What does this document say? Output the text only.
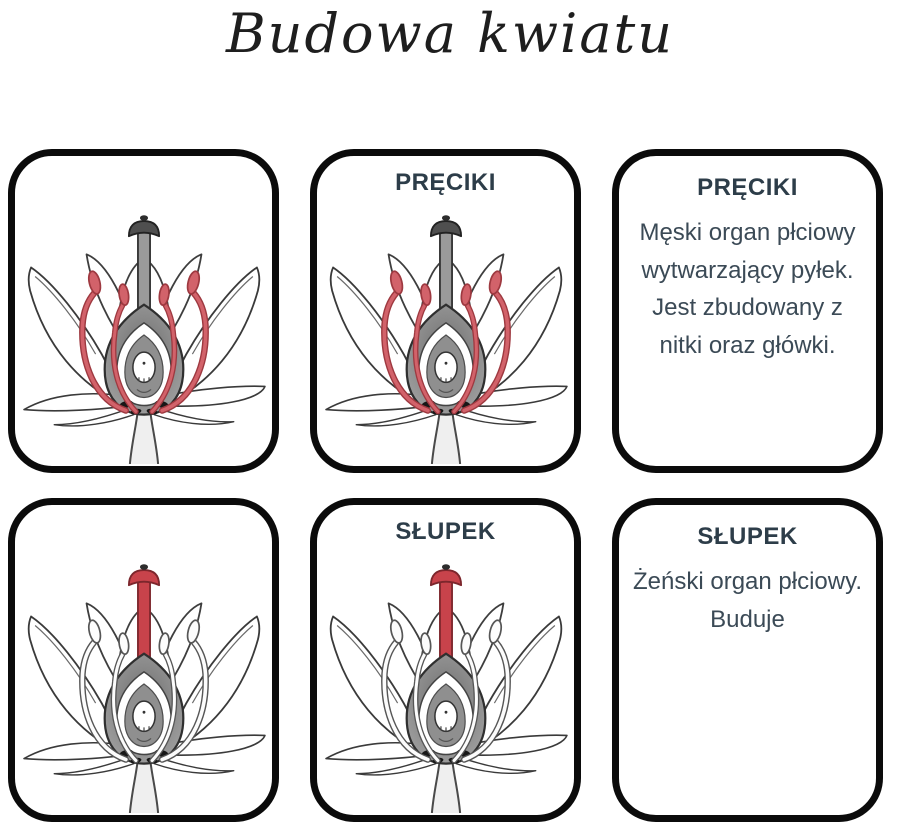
Budowa kwiatu
PRĘCIKI	PRĘCIKI

Męski organ płciowy wytwarzający pyłek. Jest zbudowany z nitki oraz główki.

SŁUPEK	SŁUPEK

Żeński organ płciowy. Buduje
